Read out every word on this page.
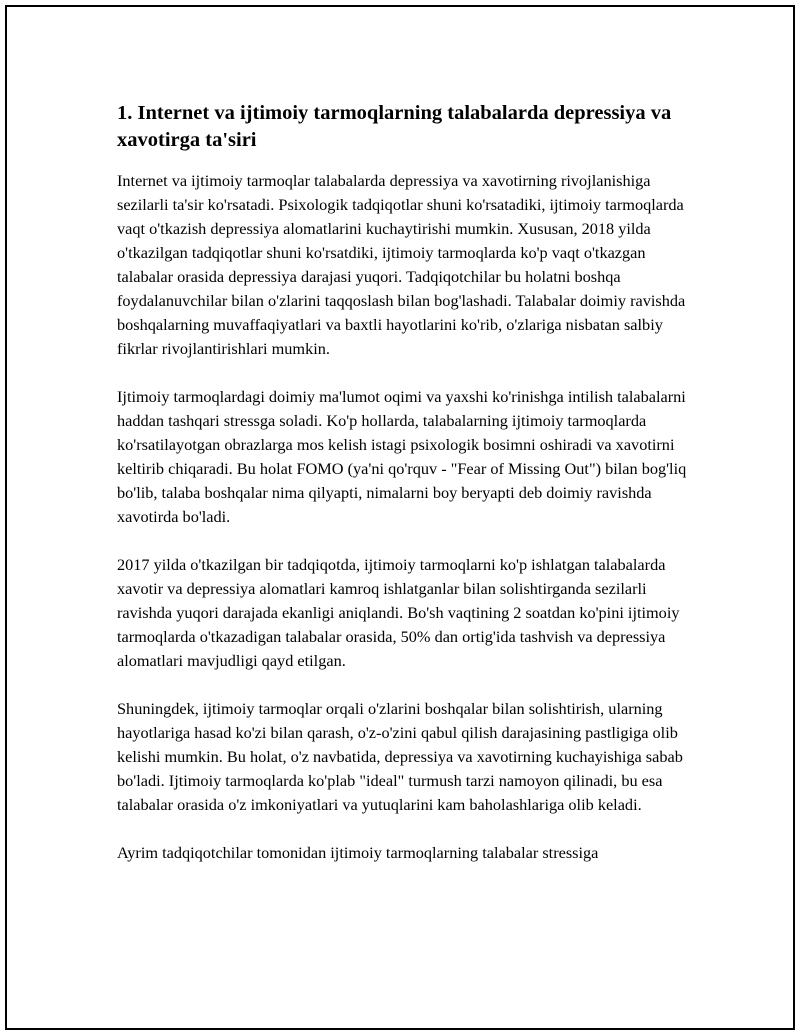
1. Internet va ijtimoiy tarmoqlarning talabalarda depressiya va xavotirga ta'siri

Internet va ijtimoiy tarmoqlar talabalarda depressiya va xavotirning rivojlanishiga sezilarli ta'sir ko'rsatadi. Psixologik tadqiqotlar shuni ko'rsatadiki, ijtimoiy tarmoqlarda vaqt o'tkazish depressiya alomatlarini kuchaytirishi mumkin. Xususan, 2018 yilda o'tkazilgan tadqiqotlar shuni ko'rsatdiki, ijtimoiy tarmoqlarda ko'p vaqt o'tkazgan talabalar orasida depressiya darajasi yuqori. Tadqiqotchilar bu holatni boshqa foydalanuvchilar bilan o'zlarini taqqoslash bilan bog'lashadi. Talabalar doimiy ravishda boshqalarning muvaffaqiyatlari va baxtli hayotlarini ko'rib, o'zlariga nisbatan salbiy fikrlar rivojlantirishlari mumkin.

Ijtimoiy tarmoqlardagi doimiy ma'lumot oqimi va yaxshi ko'rinishga intilish talabalarni haddan tashqari stressga soladi. Ko'p hollarda, talabalarning ijtimoiy tarmoqlarda ko'rsatilayotgan obrazlarga mos kelish istagi psixologik bosimni oshiradi va xavotirni keltirib chiqaradi. Bu holat FOMO (ya'ni qo'rquv - "Fear of Missing Out") bilan bog'liq bo'lib, talaba boshqalar nima qilyapti, nimalarni boy beryapti deb doimiy ravishda xavotirda bo'ladi.

2017 yilda o'tkazilgan bir tadqiqotda, ijtimoiy tarmoqlarni ko'p ishlatgan talabalarda xavotir va depressiya alomatlari kamroq ishlatganlar bilan solishtirganda sezilarli ravishda yuqori darajada ekanligi aniqlandi. Bo'sh vaqtining 2 soatdan ko'pini ijtimoiy tarmoqlarda o'tkazadigan talabalar orasida, 50% dan ortig'ida tashvish va depressiya alomatlari mavjudligi qayd etilgan.

Shuningdek, ijtimoiy tarmoqlar orqali o'zlarini boshqalar bilan solishtirish, ularning hayotlariga hasad ko'zi bilan qarash, o'z-o'zini qabul qilish darajasining pastligiga olib kelishi mumkin. Bu holat, o'z navbatida, depressiya va xavotirning kuchayishiga sabab bo'ladi. Ijtimoiy tarmoqlarda ko'plab "ideal" turmush tarzi namoyon qilinadi, bu esa talabalar orasida o'z imkoniyatlari va yutuqlarini kam baholashlariga olib keladi.

Ayrim tadqiqotchilar tomonidan ijtimoiy tarmoqlarning talabalar stressiga
